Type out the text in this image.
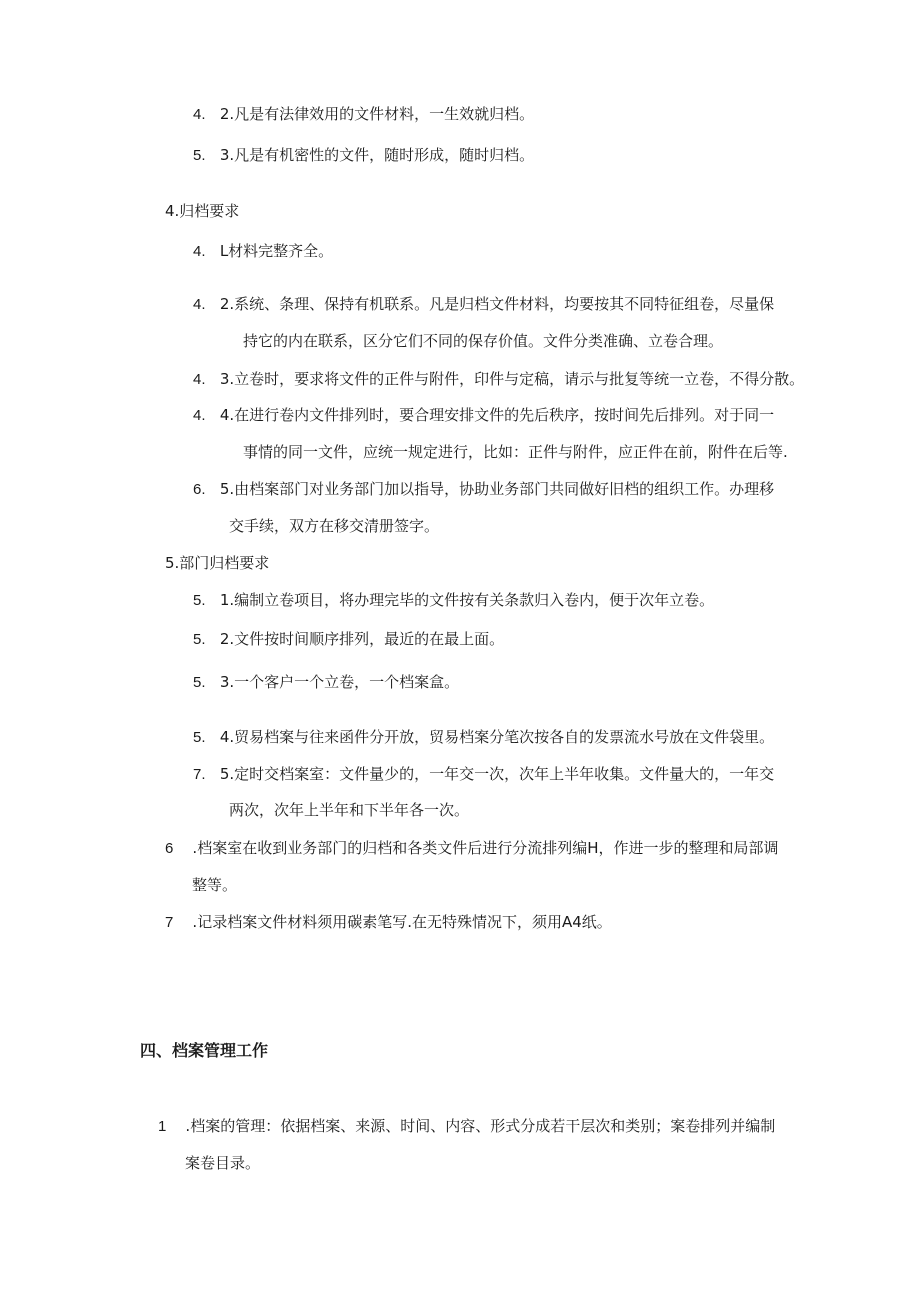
4. 2.凡是有法律效用的文件材料，一生效就归档。
5. 3.凡是有机密性的文件，随时形成，随时归档。
4.归档要求
4. L材料完整齐全。
4. 2.系统、条理、保持有机联系。凡是归档文件材料，均要按其不同特征组卷，尽量保
持它的内在联系，区分它们不同的保存价值。文件分类准确、立卷合理。
4. 3.立卷时，要求将文件的正件与附件，印件与定稿，请示与批复等统一立卷，不得分散。
4. 4.在进行卷内文件排列时，要合理安排文件的先后秩序，按时间先后排列。对于同一
事情的同一文件，应统一规定进行，比如：正件与附件，应正件在前，附件在后等.
6. 5.由档案部门对业务部门加以指导，协助业务部门共同做好旧档的组织工作。办理移
交手续，双方在移交清册签字。
5.部门归档要求
5. 1.编制立卷项目，将办理完毕的文件按有关条款归入卷内，便于次年立卷。
5. 2.文件按时间顺序排列，最近的在最上面。
5. 3.一个客户一个立卷，一个档案盒。
5. 4.贸易档案与往来函件分开放，贸易档案分笔次按各自的发票流水号放在文件袋里。
7. 5.定时交档案室：文件量少的，一年交一次，次年上半年收集。文件量大的，一年交
两次，次年上半年和下半年各一次。
6 .档案室在收到业务部门的归档和各类文件后进行分流排列编H，作进一步的整理和局部调
整等。
7 .记录档案文件材料须用碳素笔写.在无特殊情况下，须用A4纸。
四、档案管理工作
1 .档案的管理：依据档案、来源、时间、内容、形式分成若干层次和类别；案卷排列并编制
案卷目录。
